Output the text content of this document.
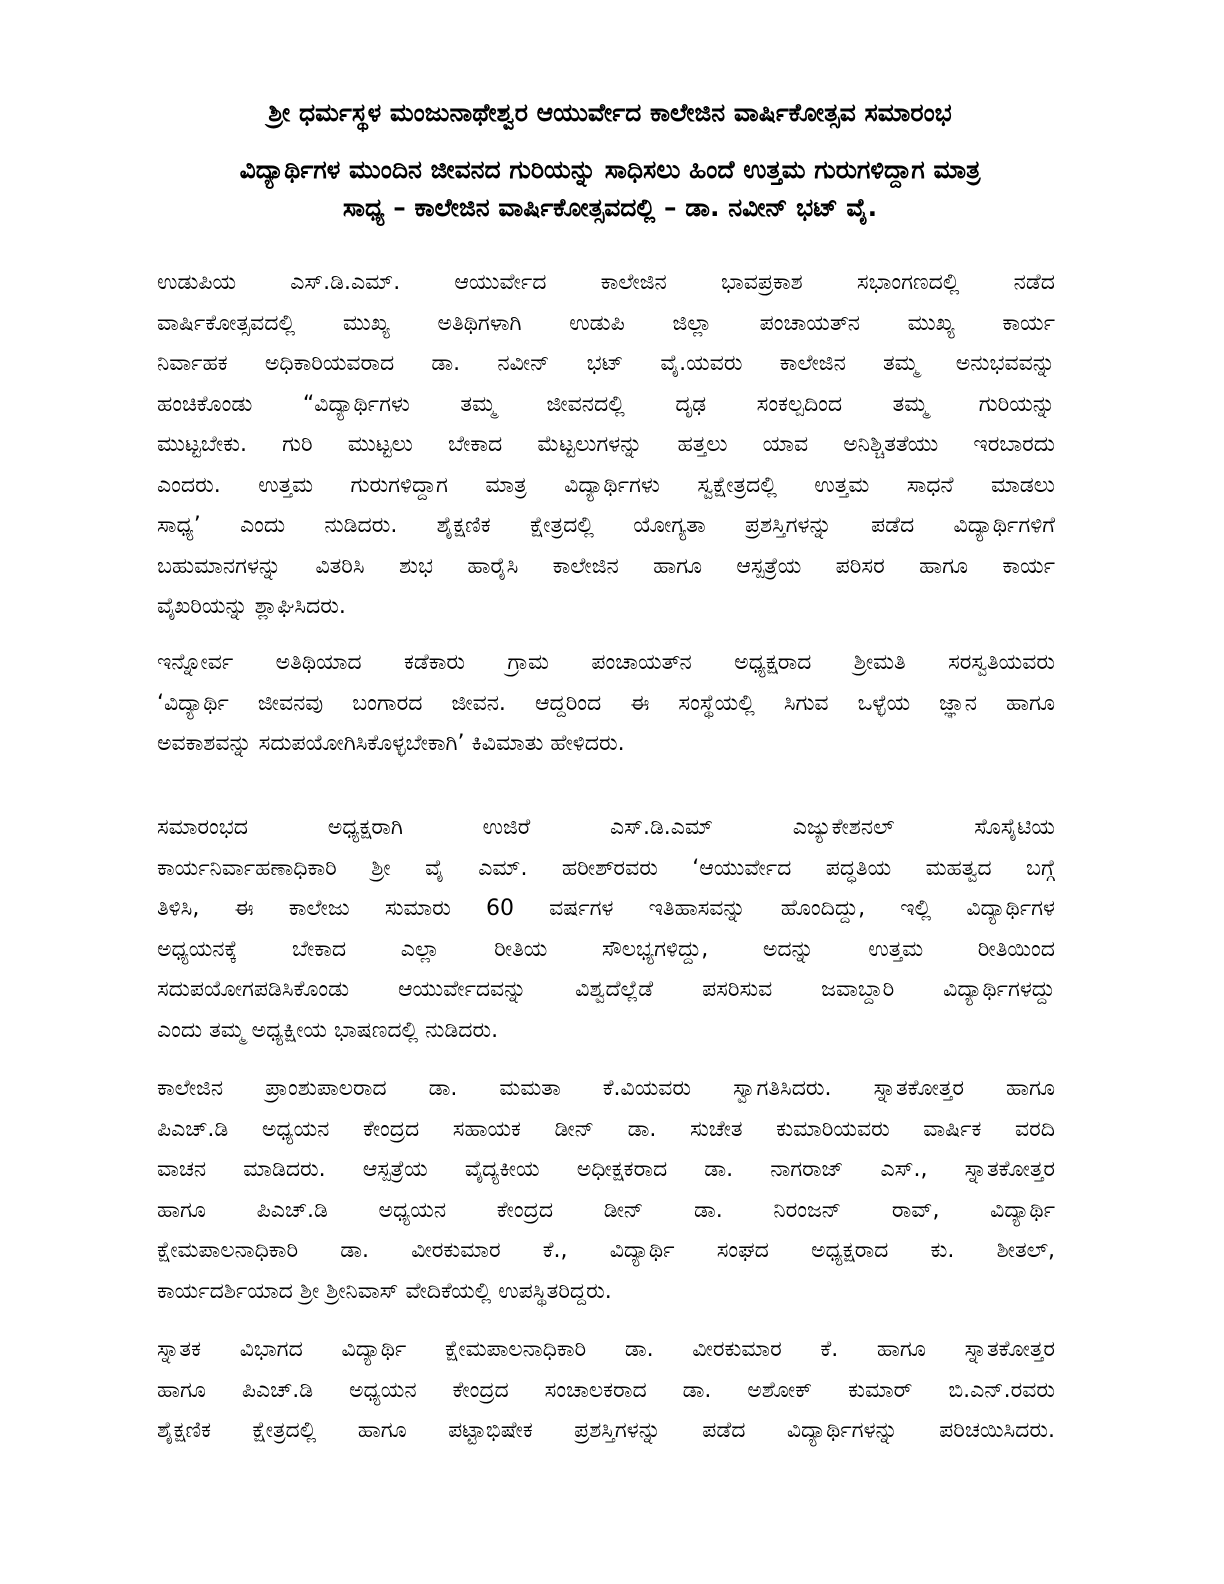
ಶ್ರೀ ಧರ್ಮಸ್ಥಳ ಮಂಜುನಾಥೇಶ್ವರ ಆಯುರ್ವೇದ ಕಾಲೇಜಿನ ವಾರ್ಷಿಕೋತ್ಸವ ಸಮಾರಂಭ
ವಿದ್ಯಾರ್ಥಿಗಳ ಮುಂದಿನ ಜೀವನದ ಗುರಿಯನ್ನು ಸಾಧಿಸಲು ಹಿಂದೆ ಉತ್ತಮ ಗುರುಗಳಿದ್ದಾಗ ಮಾತ್ರ
ಸಾಧ್ಯ – ಕಾಲೇಜಿನ ವಾರ್ಷಿಕೋತ್ಸವದಲ್ಲಿ – ಡಾ. ನವೀನ್ ಭಟ್ ವೈ.
ಉಡುಪಿಯ ಎಸ್.ಡಿ.ಎಮ್. ಆಯುರ್ವೇದ ಕಾಲೇಜಿನ ಭಾವಪ್ರಕಾಶ ಸಭಾಂಗಣದಲ್ಲಿ ನಡೆದ
ವಾರ್ಷಿಕೋತ್ಸವದಲ್ಲಿ ಮುಖ್ಯ ಅತಿಥಿಗಳಾಗಿ ಉಡುಪಿ ಜಿಲ್ಲಾ ಪಂಚಾಯತ್‍ನ ಮುಖ್ಯ ಕಾರ್ಯ
ನಿರ್ವಾಹಕ ಅಧಿಕಾರಿಯವರಾದ ಡಾ. ನವೀನ್ ಭಟ್ ವೈ.ಯವರು ಕಾಲೇಜಿನ ತಮ್ಮ ಅನುಭವವನ್ನು
ಹಂಚಿಕೊಂಡು “ವಿದ್ಯಾರ್ಥಿಗಳು ತಮ್ಮ ಜೀವನದಲ್ಲಿ ದೃಢ ಸಂಕಲ್ಪದಿಂದ ತಮ್ಮ ಗುರಿಯನ್ನು
ಮುಟ್ಟಬೇಕು. ಗುರಿ ಮುಟ್ಟಲು ಬೇಕಾದ ಮೆಟ್ಟಲುಗಳನ್ನು ಹತ್ತಲು ಯಾವ ಅನಿಶ್ಚಿತತೆಯು ಇರಬಾರದು
ಎಂದರು. ಉತ್ತಮ ಗುರುಗಳಿದ್ದಾಗ ಮಾತ್ರ ವಿದ್ಯಾರ್ಥಿಗಳು ಸ್ವಕ್ಷೇತ್ರದಲ್ಲಿ ಉತ್ತಮ ಸಾಧನೆ ಮಾಡಲು
ಸಾಧ್ಯ’ ಎಂದು ನುಡಿದರು. ಶೈಕ್ಷಣಿಕ ಕ್ಷೇತ್ರದಲ್ಲಿ ಯೋಗ್ಯತಾ ಪ್ರಶಸ್ತಿಗಳನ್ನು ಪಡೆದ ವಿದ್ಯಾರ್ಥಿಗಳಿಗೆ
ಬಹುಮಾನಗಳನ್ನು ವಿತರಿಸಿ ಶುಭ ಹಾರೈಸಿ ಕಾಲೇಜಿನ ಹಾಗೂ ಆಸ್ಪತ್ರೆಯ ಪರಿಸರ ಹಾಗೂ ಕಾರ್ಯ
ವೈಖರಿಯನ್ನು ಶ್ಲಾಘಿಸಿದರು.
ಇನ್ನೋರ್ವ ಅತಿಥಿಯಾದ ಕಡೆಕಾರು ಗ್ರಾಮ ಪಂಚಾಯತ್‍ನ ಅಧ್ಯಕ್ಷರಾದ ಶ್ರೀಮತಿ ಸರಸ್ವತಿಯವರು
‘ವಿದ್ಯಾರ್ಥಿ ಜೀವನವು ಬಂಗಾರದ ಜೀವನ. ಆದ್ದರಿಂದ ಈ ಸಂಸ್ಥೆಯಲ್ಲಿ ಸಿಗುವ ಒಳ್ಳೆಯ ಜ್ಞಾನ ಹಾಗೂ
ಅವಕಾಶವನ್ನು ಸದುಪಯೋಗಿಸಿಕೊಳ್ಳಬೇಕಾಗಿ’ ಕಿವಿಮಾತು ಹೇಳಿದರು.
ಸಮಾರಂಭದ ಅಧ್ಯಕ್ಷರಾಗಿ ಉಜಿರೆ ಎಸ್.ಡಿ.ಎಮ್ ಎಜ್ಯುಕೇಶನಲ್ ಸೊಸೈಟಿಯ
ಕಾರ್ಯನಿರ್ವಾಹಣಾಧಿಕಾರಿ ಶ್ರೀ ವೈ ಎಮ್. ಹರೀಶ್‍ರವರು ‘ಆಯುರ್ವೇದ ಪದ್ಧತಿಯ ಮಹತ್ವದ ಬಗ್ಗೆ
ತಿಳಿಸಿ, ಈ ಕಾಲೇಜು ಸುಮಾರು 60 ವರ್ಷಗಳ ಇತಿಹಾಸವನ್ನು ಹೊಂದಿದ್ದು, ಇಲ್ಲಿ ವಿದ್ಯಾರ್ಥಿಗಳ
ಅಧ್ಯಯನಕ್ಕೆ ಬೇಕಾದ ಎಲ್ಲಾ ರೀತಿಯ ಸೌಲಭ್ಯಗಳಿದ್ದು, ಅದನ್ನು ಉತ್ತಮ ರೀತಿಯಿಂದ
ಸದುಪಯೋಗಪಡಿಸಿಕೊಂಡು ಆಯುರ್ವೇದವನ್ನು ವಿಶ್ವದೆಲ್ಲೆಡೆ ಪಸರಿಸುವ ಜವಾಬ್ದಾರಿ ವಿದ್ಯಾರ್ಥಿಗಳದ್ದು
ಎಂದು ತಮ್ಮ ಅಧ್ಯಕ್ಷೀಯ ಭಾಷಣದಲ್ಲಿ ನುಡಿದರು.
ಕಾಲೇಜಿನ ಪ್ರಾಂಶುಪಾಲರಾದ ಡಾ. ಮಮತಾ ಕೆ.ವಿಯವರು ಸ್ವಾಗತಿಸಿದರು. ಸ್ನಾತಕೋತ್ತರ ಹಾಗೂ
ಪಿಎಚ್.ಡಿ ಅಧ್ಯಯನ ಕೇಂದ್ರದ ಸಹಾಯಕ ಡೀನ್ ಡಾ. ಸುಚೇತ ಕುಮಾರಿಯವರು ವಾರ್ಷಿಕ ವರದಿ
ವಾಚನ ಮಾಡಿದರು. ಆಸ್ಪತ್ರೆಯ ವೈದ್ಯಕೀಯ ಅಧೀಕ್ಷಕರಾದ ಡಾ. ನಾಗರಾಜ್ ಎಸ್., ಸ್ನಾತಕೋತ್ತರ
ಹಾಗೂ ಪಿಎಚ್.ಡಿ ಅಧ್ಯಯನ ಕೇಂದ್ರದ ಡೀನ್ ಡಾ. ನಿರಂಜನ್ ರಾವ್, ವಿದ್ಯಾರ್ಥಿ
ಕ್ಷೇಮಪಾಲನಾಧಿಕಾರಿ ಡಾ. ವೀರಕುಮಾರ ಕೆ., ವಿದ್ಯಾರ್ಥಿ ಸಂಘದ ಅಧ್ಯಕ್ಷರಾದ ಕು. ಶೀತಲ್,
ಕಾರ್ಯದರ್ಶಿಯಾದ ಶ್ರೀ ಶ್ರೀನಿವಾಸ್ ವೇದಿಕೆಯಲ್ಲಿ ಉಪಸ್ಥಿತರಿದ್ದರು.
ಸ್ನಾತಕ ವಿಭಾಗದ ವಿದ್ಯಾರ್ಥಿ ಕ್ಷೇಮಪಾಲನಾಧಿಕಾರಿ ಡಾ. ವೀರಕುಮಾರ ಕೆ. ಹಾಗೂ ಸ್ನಾತಕೋತ್ತರ
ಹಾಗೂ ಪಿಎಚ್.ಡಿ ಅಧ್ಯಯನ ಕೇಂದ್ರದ ಸಂಚಾಲಕರಾದ ಡಾ. ಅಶೋಕ್ ಕುಮಾರ್ ಬಿ.ಎನ್.ರವರು
ಶೈಕ್ಷಣಿಕ ಕ್ಷೇತ್ರದಲ್ಲಿ ಹಾಗೂ ಪಟ್ಟಾಭಿಷೇಕ ಪ್ರಶಸ್ತಿಗಳನ್ನು ಪಡೆದ ವಿದ್ಯಾರ್ಥಿಗಳನ್ನು ಪರಿಚಯಿಸಿದರು.
